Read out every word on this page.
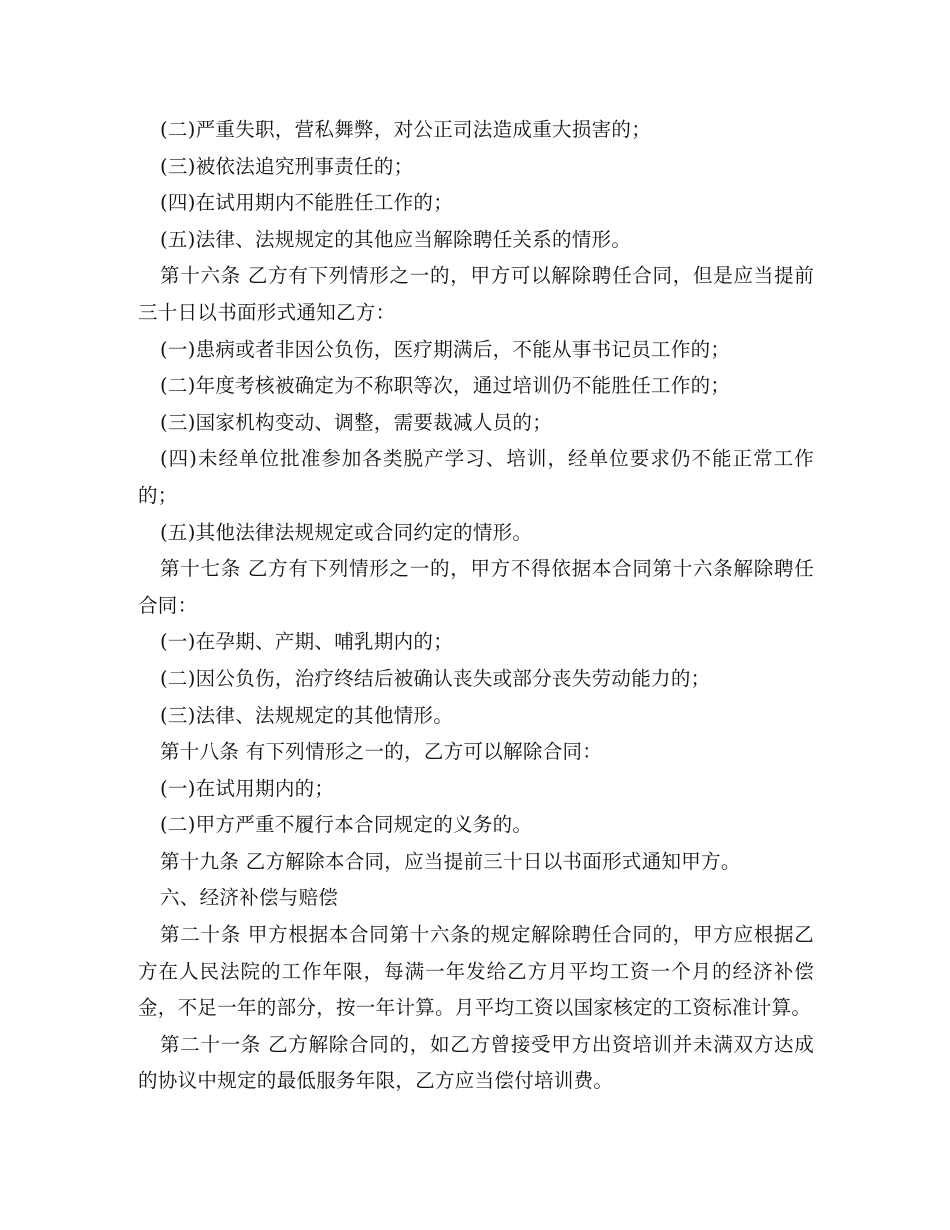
(二)严重失职，营私舞弊，对公正司法造成重大损害的；

(三)被依法追究刑事责任的；

(四)在试用期内不能胜任工作的；

(五)法律、法规规定的其他应当解除聘任关系的情形。

第十六条 乙方有下列情形之一的，甲方可以解除聘任合同，但是应当提前三十日以书面形式通知乙方：

(一)患病或者非因公负伤，医疗期满后，不能从事书记员工作的；

(二)年度考核被确定为不称职等次，通过培训仍不能胜任工作的；

(三)国家机构变动、调整，需要裁减人员的；

(四)未经单位批准参加各类脱产学习、培训，经单位要求仍不能正常工作的；

(五)其他法律法规规定或合同约定的情形。

第十七条 乙方有下列情形之一的，甲方不得依据本合同第十六条解除聘任合同：

(一)在孕期、产期、哺乳期内的；

(二)因公负伤，治疗终结后被确认丧失或部分丧失劳动能力的；

(三)法律、法规规定的其他情形。

第十八条 有下列情形之一的，乙方可以解除合同：

(一)在试用期内的；

(二)甲方严重不履行本合同规定的义务的。

第十九条 乙方解除本合同，应当提前三十日以书面形式通知甲方。

六、经济补偿与赔偿

第二十条 甲方根据本合同第十六条的规定解除聘任合同的，甲方应根据乙方在人民法院的工作年限，每满一年发给乙方月平均工资一个月的经济补偿金，不足一年的部分，按一年计算。月平均工资以国家核定的工资标准计算。

第二十一条 乙方解除合同的，如乙方曾接受甲方出资培训并未满双方达成的协议中规定的最低服务年限，乙方应当偿付培训费。
